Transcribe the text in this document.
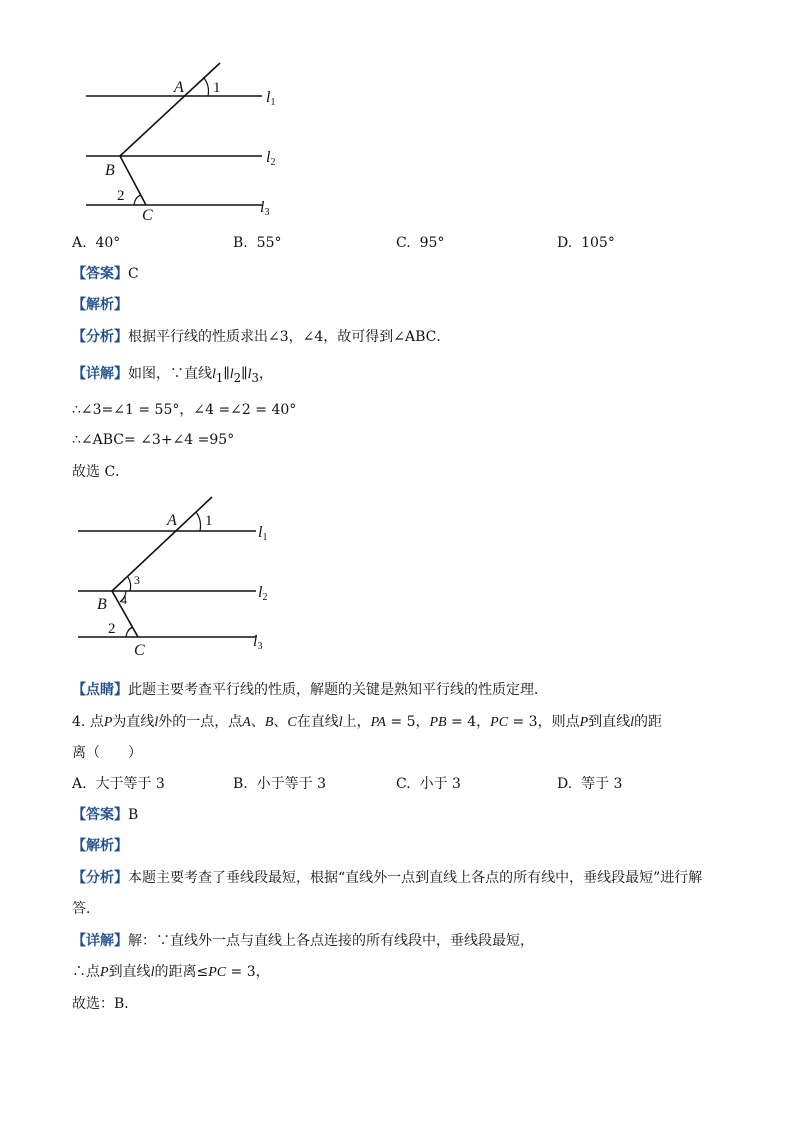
A 1
l1
B
l2
2
C	l3
A. 40°	B. 55°	C. 95°	D. 105°
【答案】C
【解析】
【分析】根据平行线的性质求出∠3，∠4，故可得到∠ABC．
【详解】如图，∵直线$l_1\parallel l_2\parallel l_3$，
∴∠3=∠1 = 55°，∠4 =∠2 = 40°
∴∠ABC= ∠3+∠4 =95°
故选 C．
A 1
l1
3
l2
B 4
2
C
l3
【点睛】此题主要考查平行线的性质，解题的关键是熟知平行线的性质定理．
4. 点P为直线l外的一点，点A、B、C在直线l上，PA = 5，PB = 4，PC = 3，则点P到直线l的距
离（　　）
A. 大于等于 3	B. 小于等于 3	C. 小于 3	D. 等于 3
【答案】B
【解析】
【分析】本题主要考查了垂线段最短，根据“直线外一点到直线上各点的所有线中，垂线段最短”进行解
答．
【详解】解：∵直线外一点与直线上各点连接的所有线段中，垂线段最短，
∴点P到直线l的距离≤PC = 3，
故选：B．
